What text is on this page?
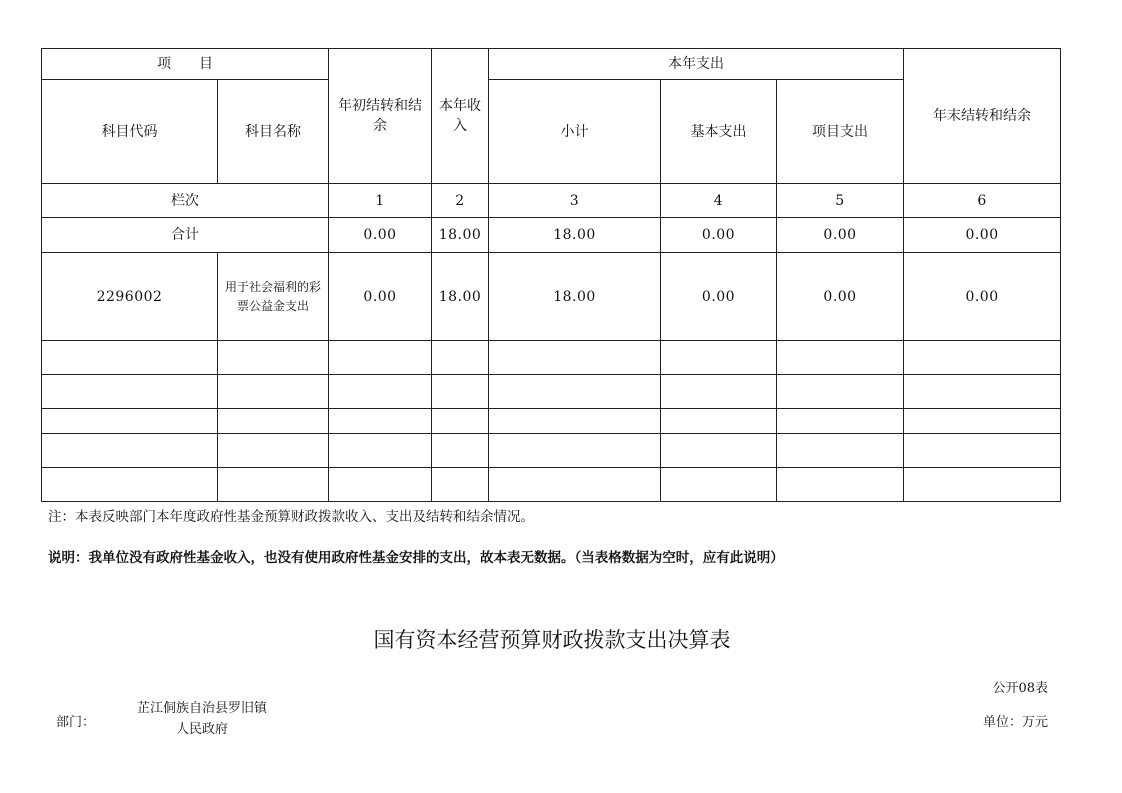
项　　目		年初结转和结余	本年收入	本年支出			年末结转和结余
科目代码	科目名称			小计	基本支出	项目支出	
栏次		1	2	3	4	5	6
合计		0.00	18.00	18.00	0.00	0.00	0.00
2296002	用于社会福利的彩票公益金支出	0.00	18.00	18.00	0.00	0.00	0.00

注：本表反映部门本年度政府性基金预算财政拨款收入、支出及结转和结余情况。
说明：我单位没有政府性基金收入，也没有使用政府性基金安排的支出，故本表无数据。（当表格数据为空时，应有此说明）
国有资本经营预算财政拨款支出决算表
公开08表
部门：
芷江侗族自治县罗旧镇人民政府	单位：万元
